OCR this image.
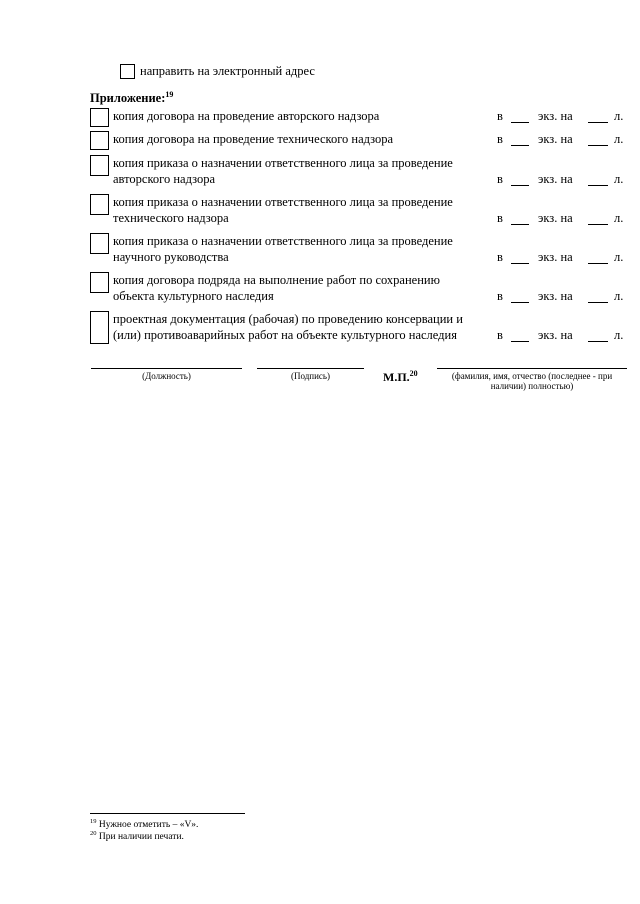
направить на электронный адрес
Приложение:$^{19}$
копия договора на проведение авторского надзора	в	экз. на	л.
копия договора на проведение технического надзора	в	экз. на	л.
копия приказа о назначении ответственного лица за проведение
авторского надзора	в	экз. на	л.
копия приказа о назначении ответственного лица за проведение
технического надзора	в	экз. на	л.
копия приказа о назначении ответственного лица за проведение
научного руководства	в	экз. на	л.
копия договора подряда на выполнение работ по сохранению
объекта культурного наследия	в	экз. на	л.
проектная документация (рабочая) по проведению консервации и
(или) противоаварийных работ на объекте культурного наследия	в	экз. на	л.
(Должность)	(Подпись)	М.П.$^{20}$	(фамилия, имя, отчество (последнее - при
наличии) полностью)
$^{19}$ Нужное отметить – «V».
$^{20}$ При наличии печати.
